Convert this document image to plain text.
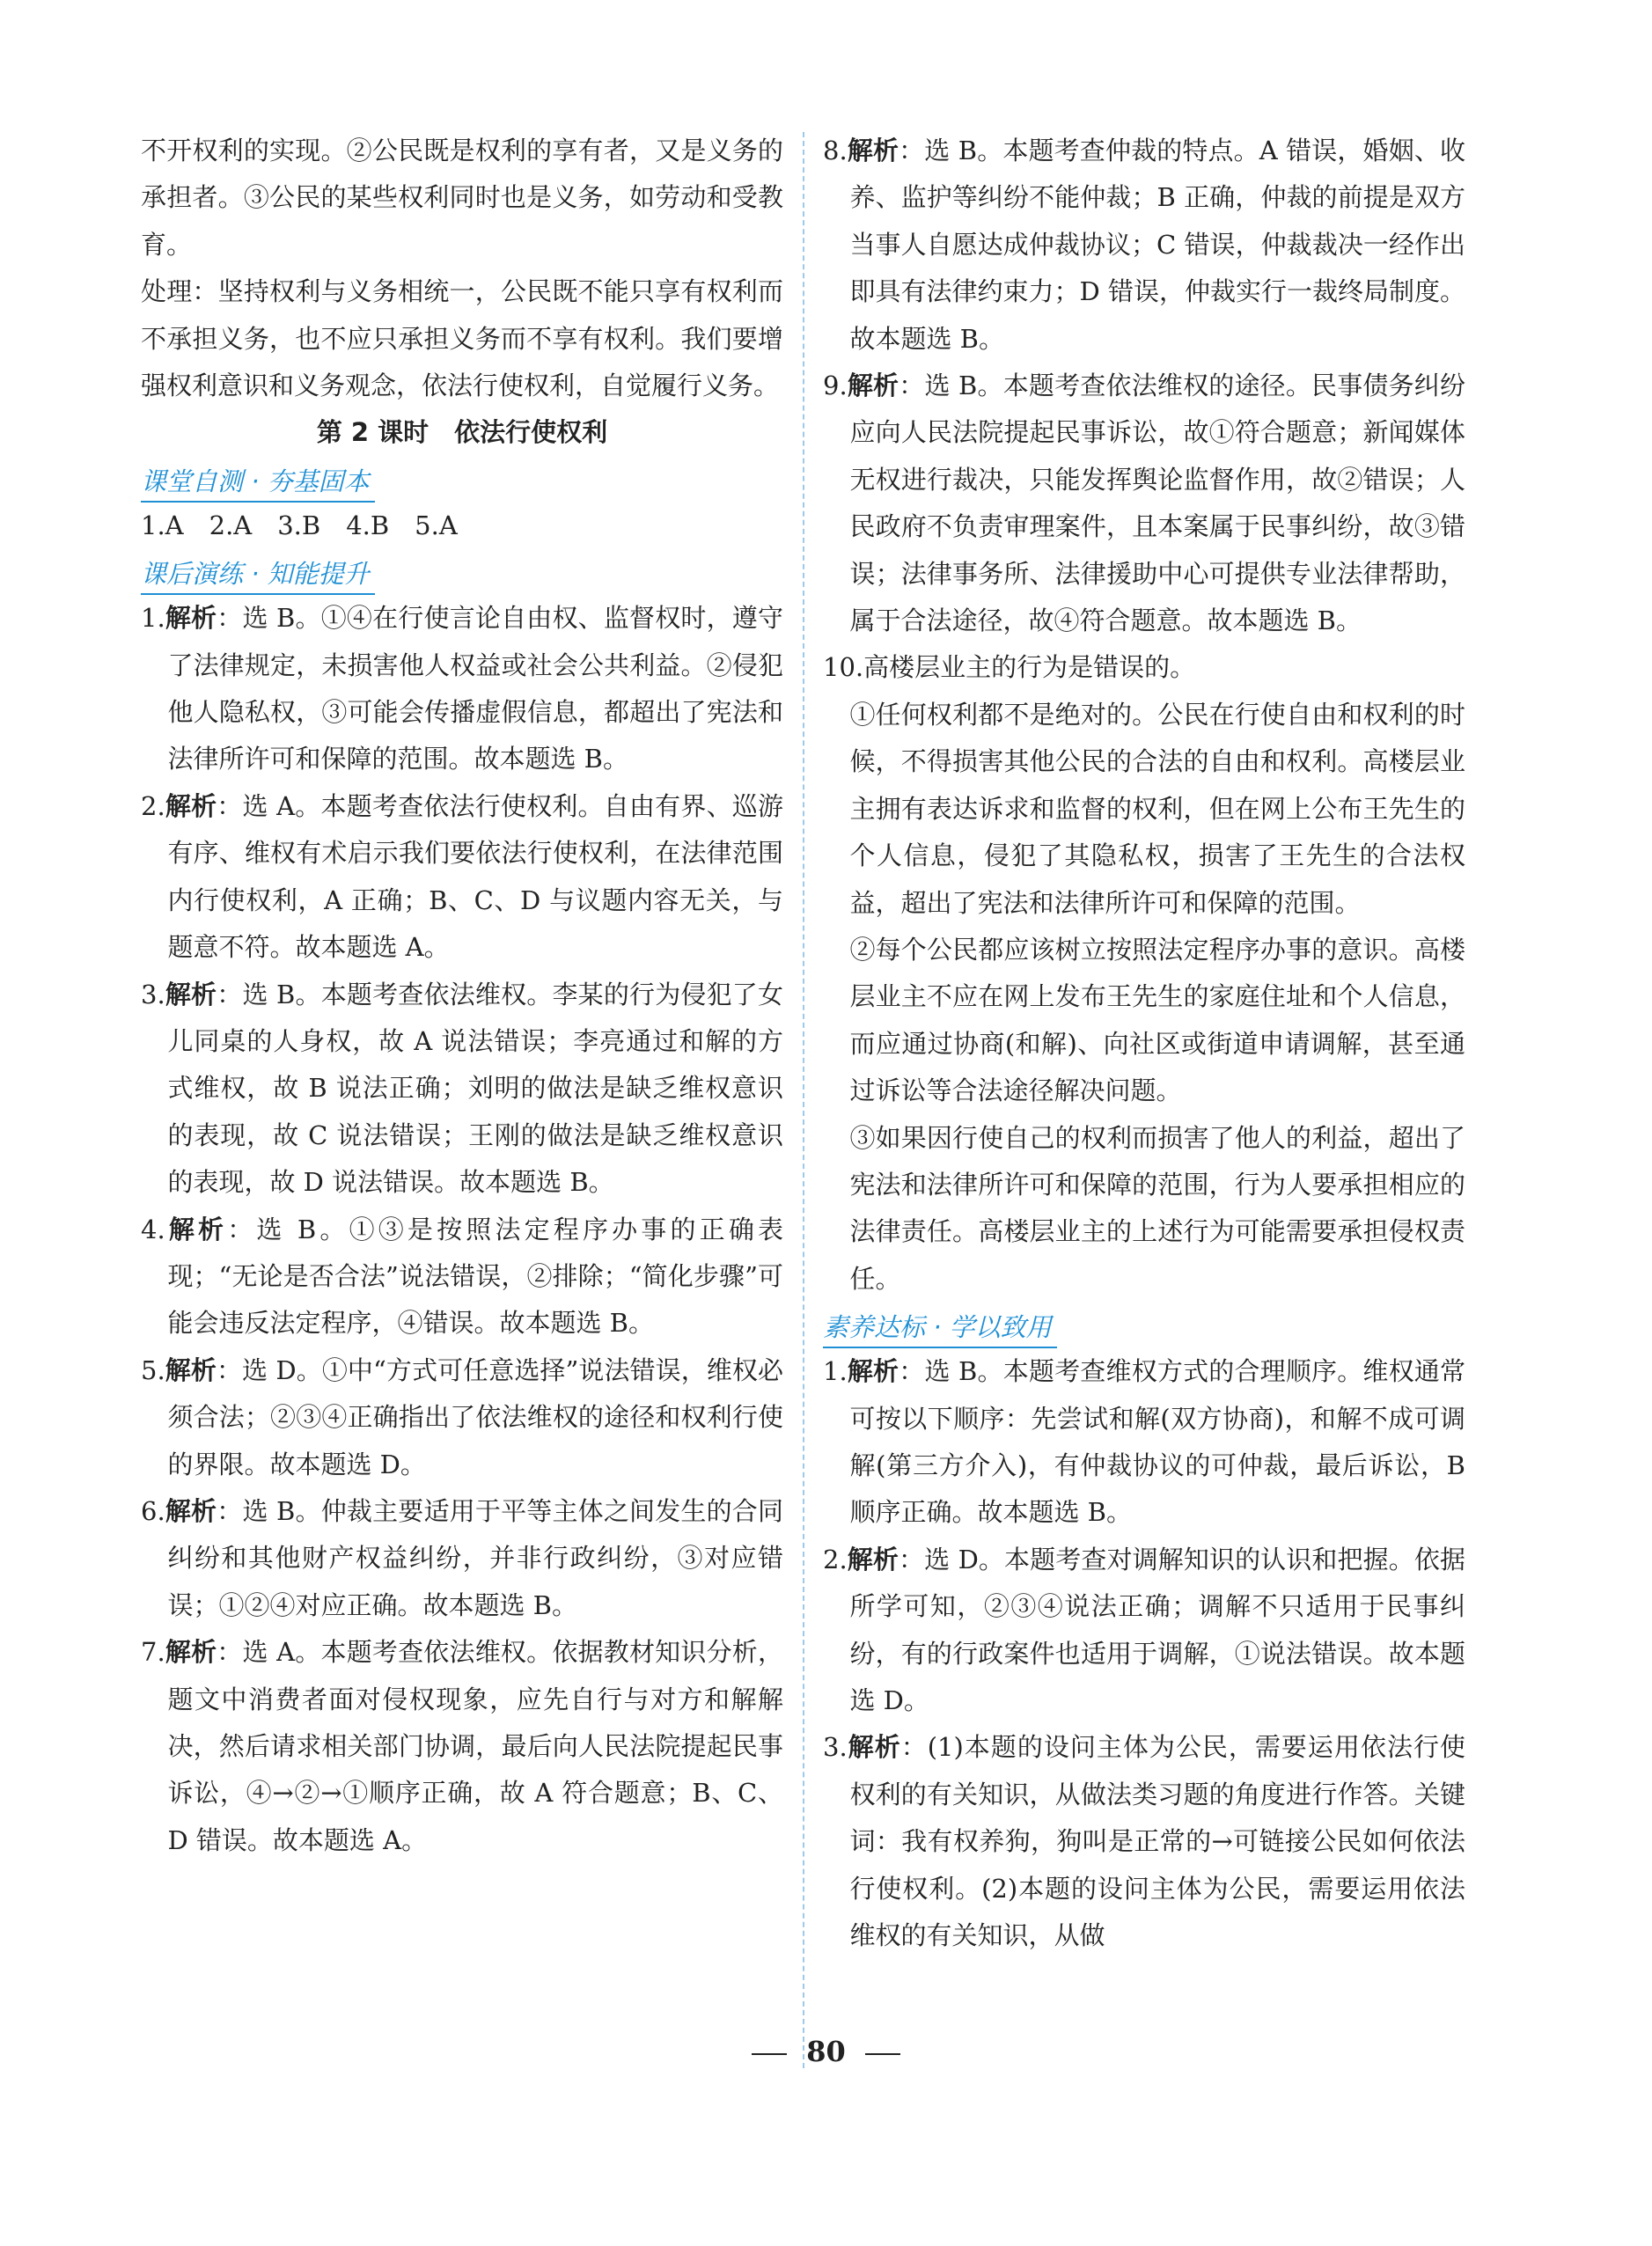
不开权利的实现。②公民既是权利的享有者，又是义务的承担者。③公民的某些权利同时也是义务，如劳动和受教育。
处理：坚持权利与义务相统一，公民既不能只享有权利而不承担义务，也不应只承担义务而不享有权利。我们要增强权利意识和义务观念，依法行使权利，自觉履行义务。
第 2 课时　依法行使权利
课堂自测 · 夯基固本
1.A　2.A　3.B　4.B　5.A
课后演练 · 知能提升
1.解析：选 B。①④在行使言论自由权、监督权时，遵守了法律规定，未损害他人权益或社会公共利益。②侵犯他人隐私权，③可能会传播虚假信息，都超出了宪法和法律所许可和保障的范围。故本题选 B。
2.解析：选 A。本题考查依法行使权利。自由有界、巡游有序、维权有术启示我们要依法行使权利，在法律范围内行使权利，A 正确；B、C、D 与议题内容无关，与题意不符。故本题选 A。
3.解析：选 B。本题考查依法维权。李某的行为侵犯了女儿同桌的人身权，故 A 说法错误；李亮通过和解的方式维权，故 B 说法正确；刘明的做法是缺乏维权意识的表现，故 C 说法错误；王刚的做法是缺乏维权意识的表现，故 D 说法错误。故本题选 B。
4.解析：选 B。①③是按照法定程序办事的正确表现；“无论是否合法”说法错误，②排除；“简化步骤”可能会违反法定程序，④错误。故本题选 B。
5.解析：选 D。①中“方式可任意选择”说法错误，维权必须合法；②③④正确指出了依法维权的途径和权利行使的界限。故本题选 D。
6.解析：选 B。仲裁主要适用于平等主体之间发生的合同纠纷和其他财产权益纠纷，并非行政纠纷，③对应错误；①②④对应正确。故本题选 B。
7.解析：选 A。本题考查依法维权。依据教材知识分析，题文中消费者面对侵权现象，应先自行与对方和解解决，然后请求相关部门协调，最后向人民法院提起民事诉讼，④→②→①顺序正确，故 A 符合题意；B、C、D 错误。故本题选 A。
8.解析：选 B。本题考查仲裁的特点。A 错误，婚姻、收养、监护等纠纷不能仲裁；B 正确，仲裁的前提是双方当事人自愿达成仲裁协议；C 错误，仲裁裁决一经作出即具有法律约束力；D 错误，仲裁实行一裁终局制度。故本题选 B。
9.解析：选 B。本题考查依法维权的途径。民事债务纠纷应向人民法院提起民事诉讼，故①符合题意；新闻媒体无权进行裁决，只能发挥舆论监督作用，故②错误；人民政府不负责审理案件，且本案属于民事纠纷，故③错误；法律事务所、法律援助中心可提供专业法律帮助，属于合法途径，故④符合题意。故本题选 B。
10.高楼层业主的行为是错误的。
①任何权利都不是绝对的。公民在行使自由和权利的时候，不得损害其他公民的合法的自由和权利。高楼层业主拥有表达诉求和监督的权利，但在网上公布王先生的个人信息，侵犯了其隐私权，损害了王先生的合法权益，超出了宪法和法律所许可和保障的范围。
②每个公民都应该树立按照法定程序办事的意识。高楼层业主不应在网上发布王先生的家庭住址和个人信息，而应通过协商(和解)、向社区或街道申请调解，甚至通过诉讼等合法途径解决问题。
③如果因行使自己的权利而损害了他人的利益，超出了宪法和法律所许可和保障的范围，行为人要承担相应的法律责任。高楼层业主的上述行为可能需要承担侵权责任。
素养达标 · 学以致用
1.解析：选 B。本题考查维权方式的合理顺序。维权通常可按以下顺序：先尝试和解(双方协商)，和解不成可调解(第三方介入)，有仲裁协议的可仲裁，最后诉讼，B 顺序正确。故本题选 B。
2.解析：选 D。本题考查对调解知识的认识和把握。依据所学可知，②③④说法正确；调解不只适用于民事纠纷，有的行政案件也适用于调解，①说法错误。故本题选 D。
3.解析：(1)本题的设问主体为公民，需要运用依法行使权利的有关知识，从做法类习题的角度进行作答。关键词：我有权养狗，狗叫是正常的→可链接公民如何依法行使权利。(2)本题的设问主体为公民，需要运用依法维权的有关知识，从做
80
